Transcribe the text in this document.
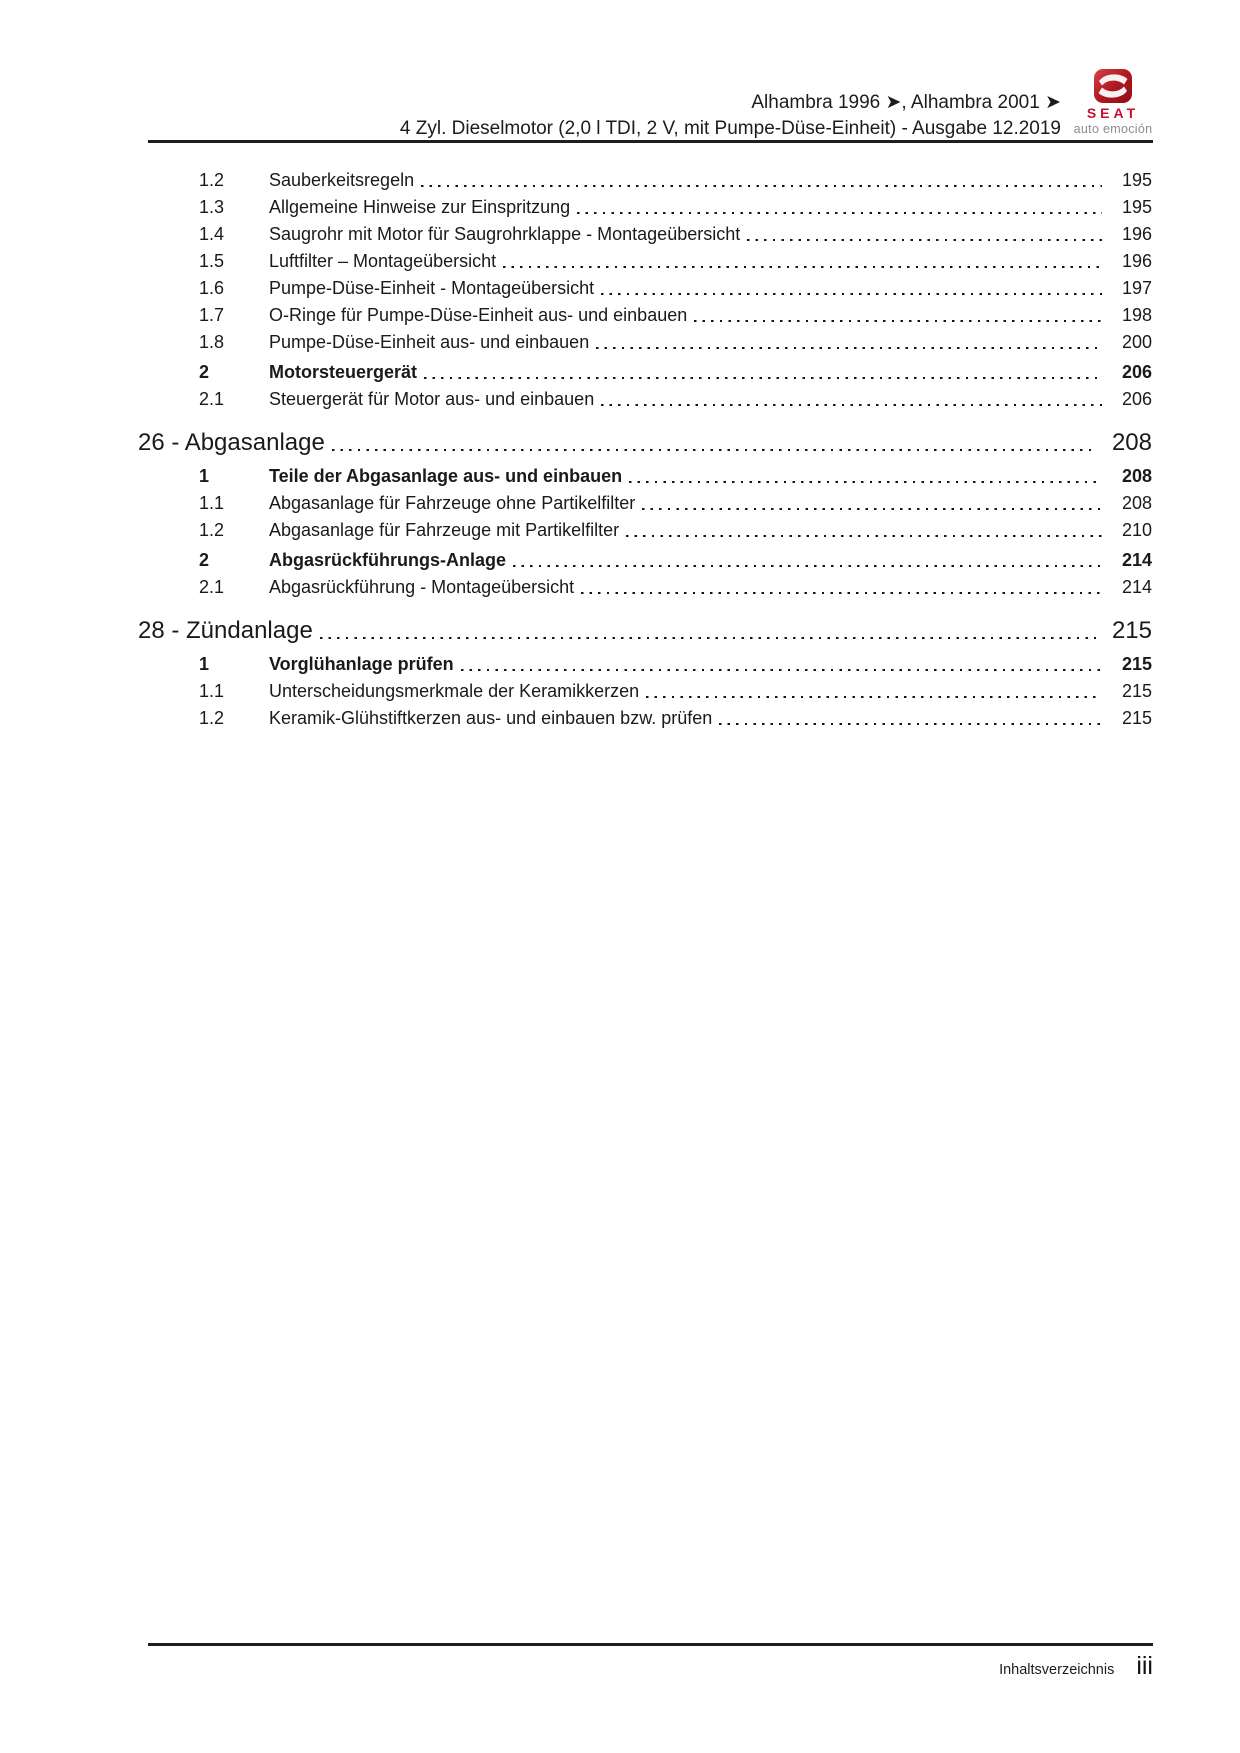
Alhambra 1996 ➤, Alhambra 2001 ➤
4 Zyl. Dieselmotor (2,0 l TDI, 2 V, mit Pumpe-Düse-Einheit) - Ausgabe 12.2019
SEAT
auto emoción
1.2	Sauberkeitsregeln	195
1.3	Allgemeine Hinweise zur Einspritzung	195
1.4	Saugrohr mit Motor für Saugrohrklappe - Montageübersicht	196
1.5	Luftfilter – Montageübersicht	196
1.6	Pumpe-Düse-Einheit - Montageübersicht	197
1.7	O-Ringe für Pumpe-Düse-Einheit aus- und einbauen	198
1.8	Pumpe-Düse-Einheit aus- und einbauen	200
2	Motorsteuergerät	206
2.1	Steuergerät für Motor aus- und einbauen	206
26 - Abgasanlage	208
1	Teile der Abgasanlage aus- und einbauen	208
1.1	Abgasanlage für Fahrzeuge ohne Partikelfilter	208
1.2	Abgasanlage für Fahrzeuge mit Partikelfilter	210
2	Abgasrückführungs-Anlage	214
2.1	Abgasrückführung - Montageübersicht	214
28 - Zündanlage	215
1	Vorglühanlage prüfen	215
1.1	Unterscheidungsmerkmale der Keramikkerzen	215
1.2	Keramik-Glühstiftkerzen aus- und einbauen bzw. prüfen	215
Inhaltsverzeichnis iii
